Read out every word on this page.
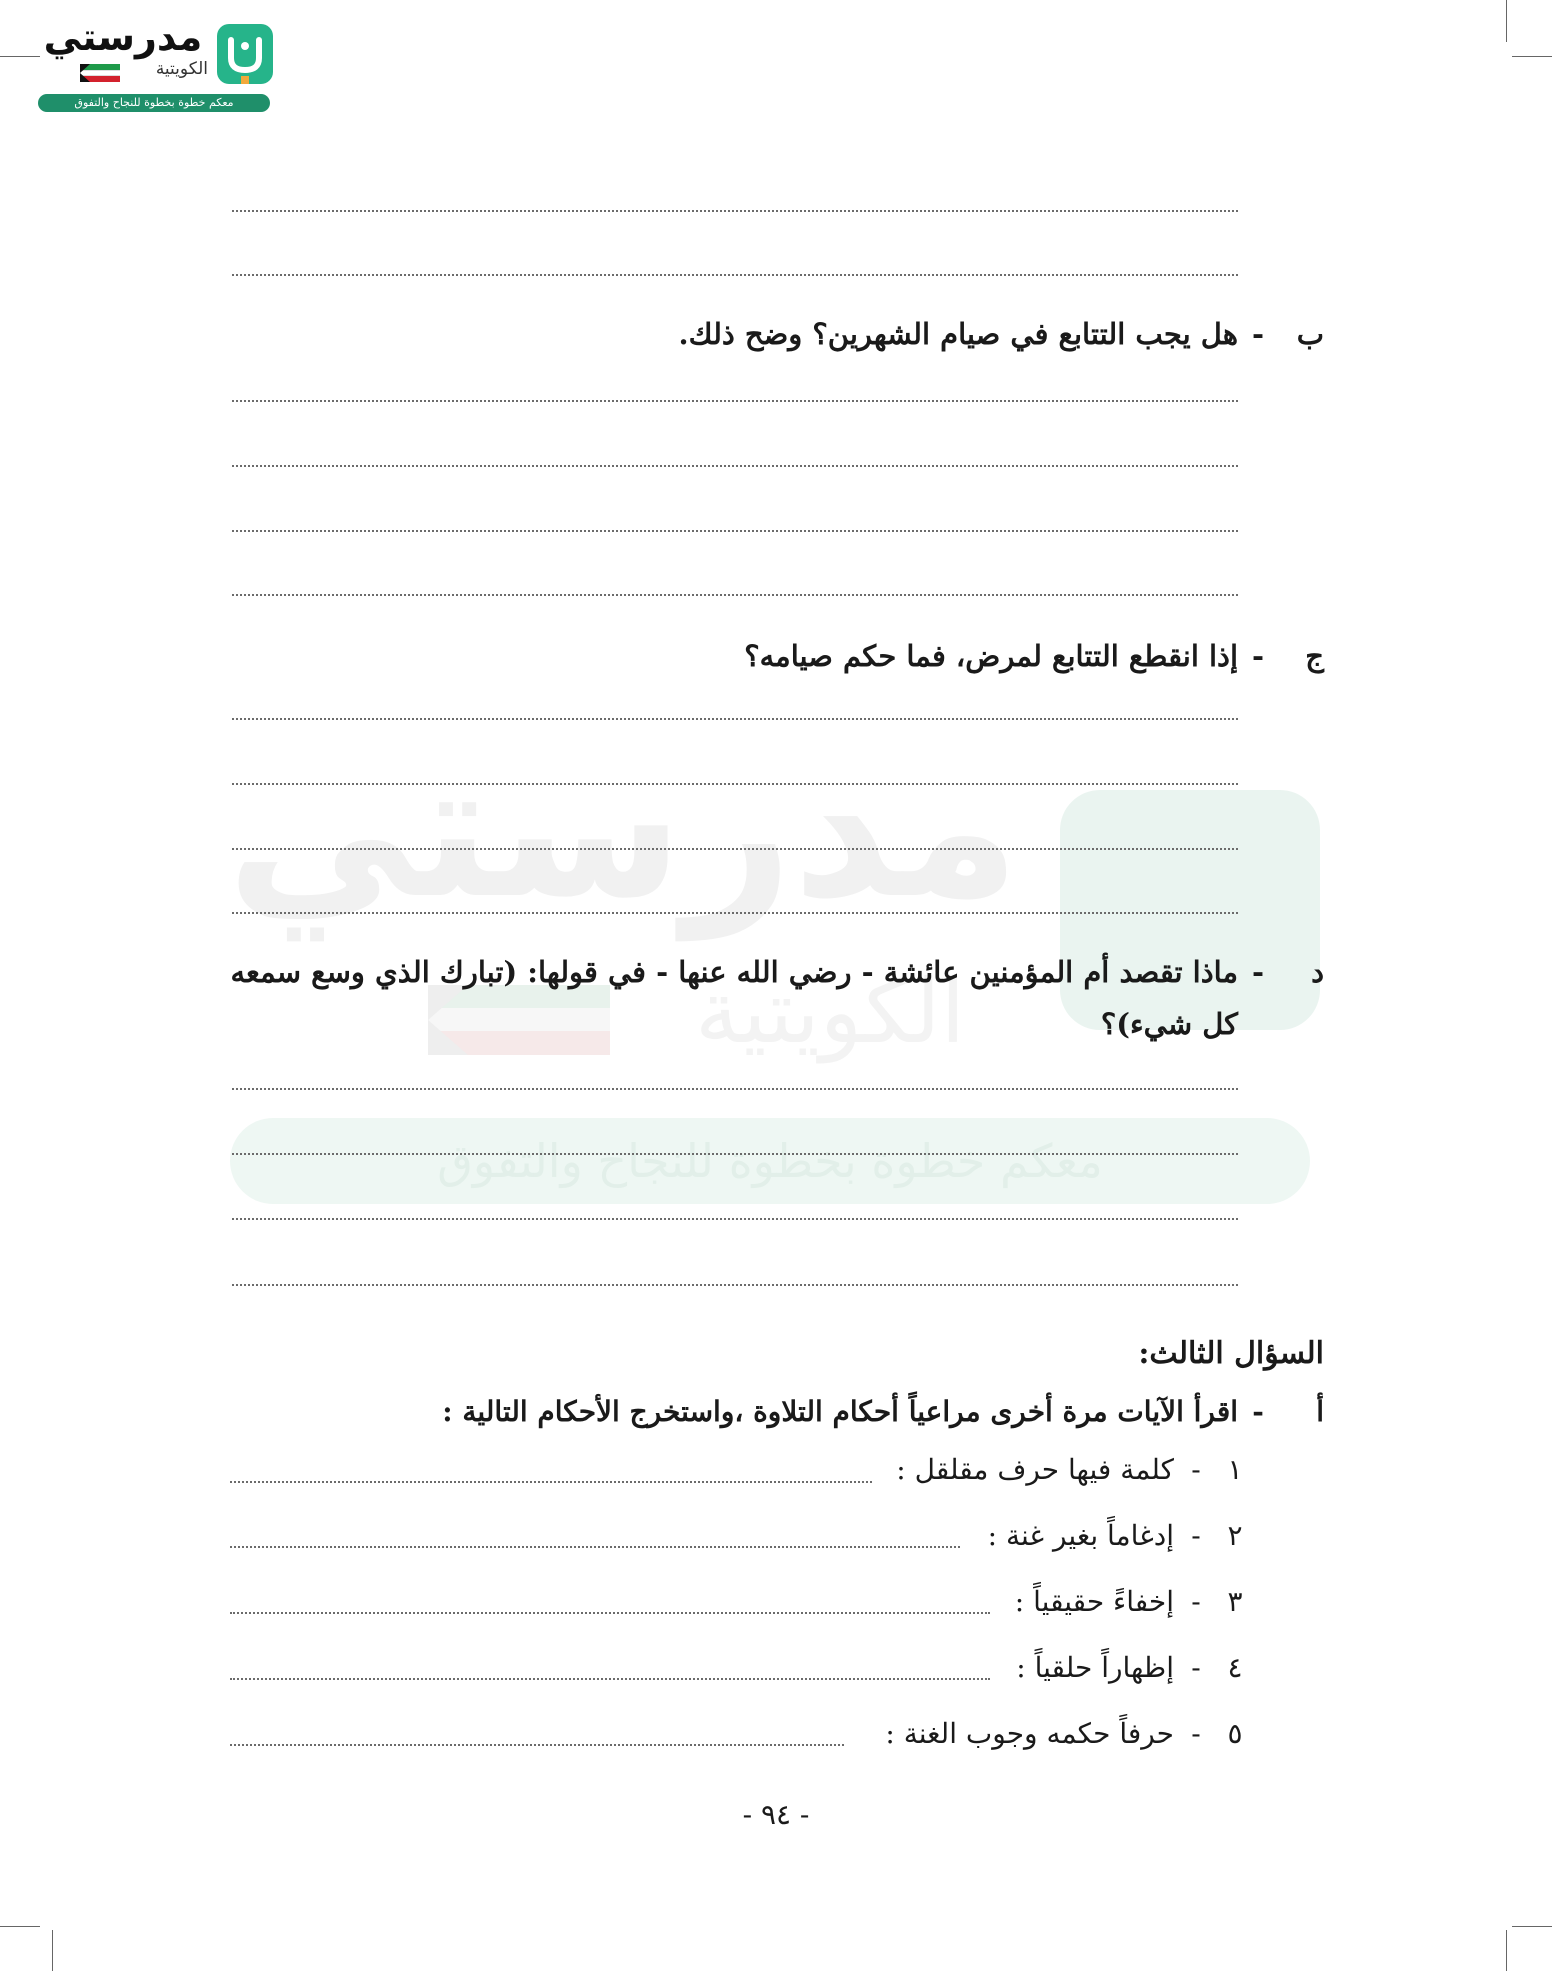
مدرستي
الكويتية
معكم خطوة بخطوة للنجاح والتفوق
مدرستي
الكويتية
معكم خطوة بخطوة للنجاح والتفوق
ب-هل يجب التتابع في صيام الشهرين؟ وضح ذلك.
ج-إذا انقطع التتابع لمرض، فما حكم صيامه؟
د-ماذا تقصد أم المؤمنين عائشة - رضي الله عنها - في قولها: (تبارك الذي وسع سمعه
كل شيء)؟
السؤال الثالث:
أ-اقرأ الآيات مرة أخرى مراعياً أحكام التلاوة ،واستخرج الأحكام التالية :
١-كلمة فيها حرف مقلقل :
٢-إدغاماً بغير غنة :
٣-إخفاءً حقيقياً :
٤-إظهاراً حلقياً :
٥-حرفاً حكمه وجوب الغنة :
- ٩٤ -
